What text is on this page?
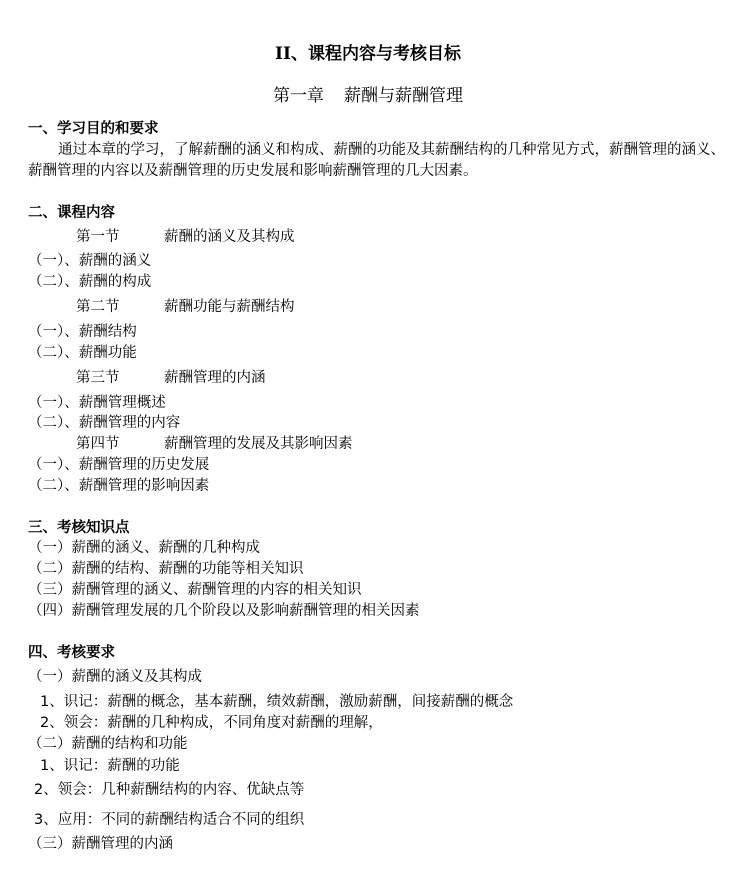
II、课程内容与考核目标
第一章 薪酬与薪酬管理
一、学习目的和要求
通过本章的学习，了解薪酬的涵义和构成、薪酬的功能及其薪酬结构的几种常见方式，薪酬管理的涵义、薪酬管理的内容以及薪酬管理的历史发展和影响薪酬管理的几大因素。
二、课程内容
第一节	薪酬的涵义及其构成
（一）、薪酬的涵义
（二）、薪酬的构成
第二节	薪酬功能与薪酬结构
（一）、薪酬结构
（二）、薪酬功能
第三节	薪酬管理的内涵
（一）、薪酬管理概述
（二）、薪酬管理的内容
第四节	薪酬管理的发展及其影响因素
（一）、薪酬管理的历史发展
（二）、薪酬管理的影响因素
三、考核知识点
（一）薪酬的涵义、薪酬的几种构成
（二）薪酬的结构、薪酬的功能等相关知识
（三）薪酬管理的涵义、薪酬管理的内容的相关知识
（四）薪酬管理发展的几个阶段以及影响薪酬管理的相关因素
四、考核要求
（一）薪酬的涵义及其构成
1、识记：薪酬的概念，基本薪酬，绩效薪酬，激励薪酬，间接薪酬的概念
2、领会：薪酬的几种构成，不同角度对薪酬的理解，
（二）薪酬的结构和功能
1、识记：薪酬的功能
2、领会：几种薪酬结构的内容、优缺点等
3、应用：不同的薪酬结构适合不同的组织
（三）薪酬管理的内涵
